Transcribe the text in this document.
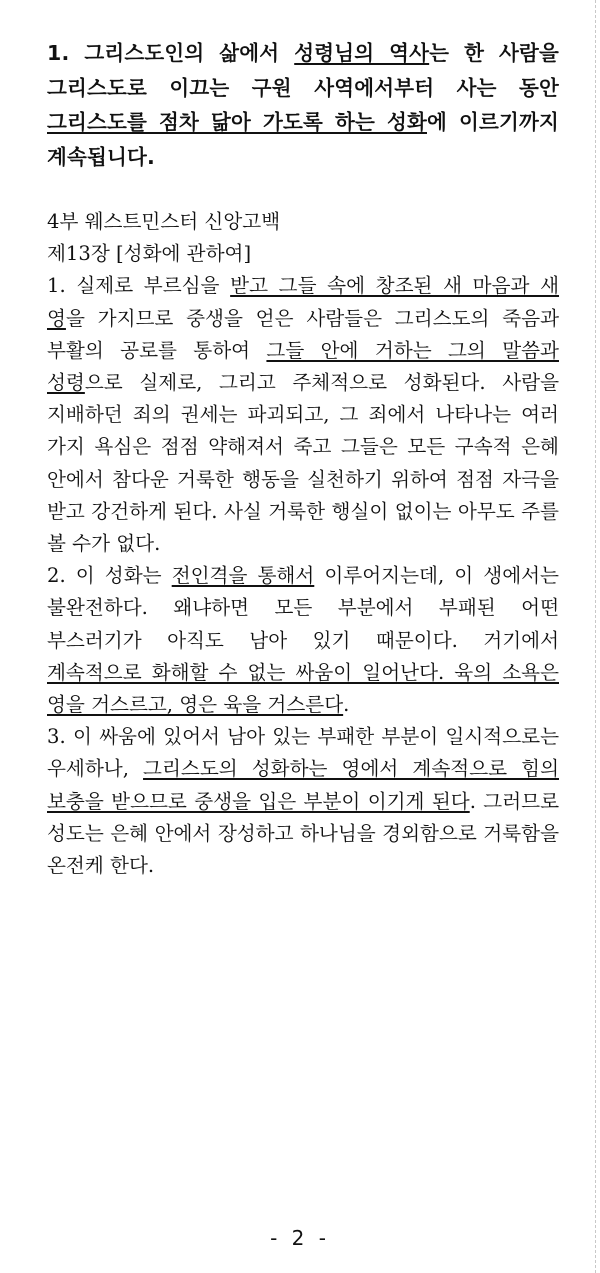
1. 그리스도인의 삶에서 성령님의 역사는 한 사람을 그리스도로 이끄는 구원 사역에서부터 사는 동안 그리스도를 점차 닮아 가도록 하는 성화에 이르기까지 계속됩니다.

4부 웨스트민스터 신앙고백

제13장 [성화에 관하여]

1. 실제로 부르심을 받고 그들 속에 창조된 새 마음과 새 영을 가지므로 중생을 얻은 사람들은 그리스도의 죽음과 부활의 공로를 통하여 그들 안에 거하는 그의 말씀과 성령으로 실제로, 그리고 주체적으로 성화된다. 사람을 지배하던 죄의 권세는 파괴되고, 그 죄에서 나타나는 여러 가지 욕심은 점점 약해져서 죽고 그들은 모든 구속적 은혜 안에서 참다운 거룩한 행동을 실천하기 위하여 점점 자극을 받고 강건하게 된다. 사실 거룩한 행실이 없이는 아무도 주를 볼 수가 없다.

2. 이 성화는 전인격을 통해서 이루어지는데, 이 생에서는 불완전하다. 왜냐하면 모든 부분에서 부패된 어떤 부스러기가 아직도 남아 있기 때문이다. 거기에서 계속적으로 화해할 수 없는 싸움이 일어난다. 육의 소욕은 영을 거스르고, 영은 육을 거스른다.

3. 이 싸움에 있어서 남아 있는 부패한 부분이 일시적으로는 우세하나, 그리스도의 성화하는 영에서 계속적으로 힘의 보충을 받으므로 중생을 입은 부분이 이기게 된다. 그러므로 성도는 은혜 안에서 장성하고 하나님을 경외함으로 거룩함을 온전케 한다.

- 2 -
